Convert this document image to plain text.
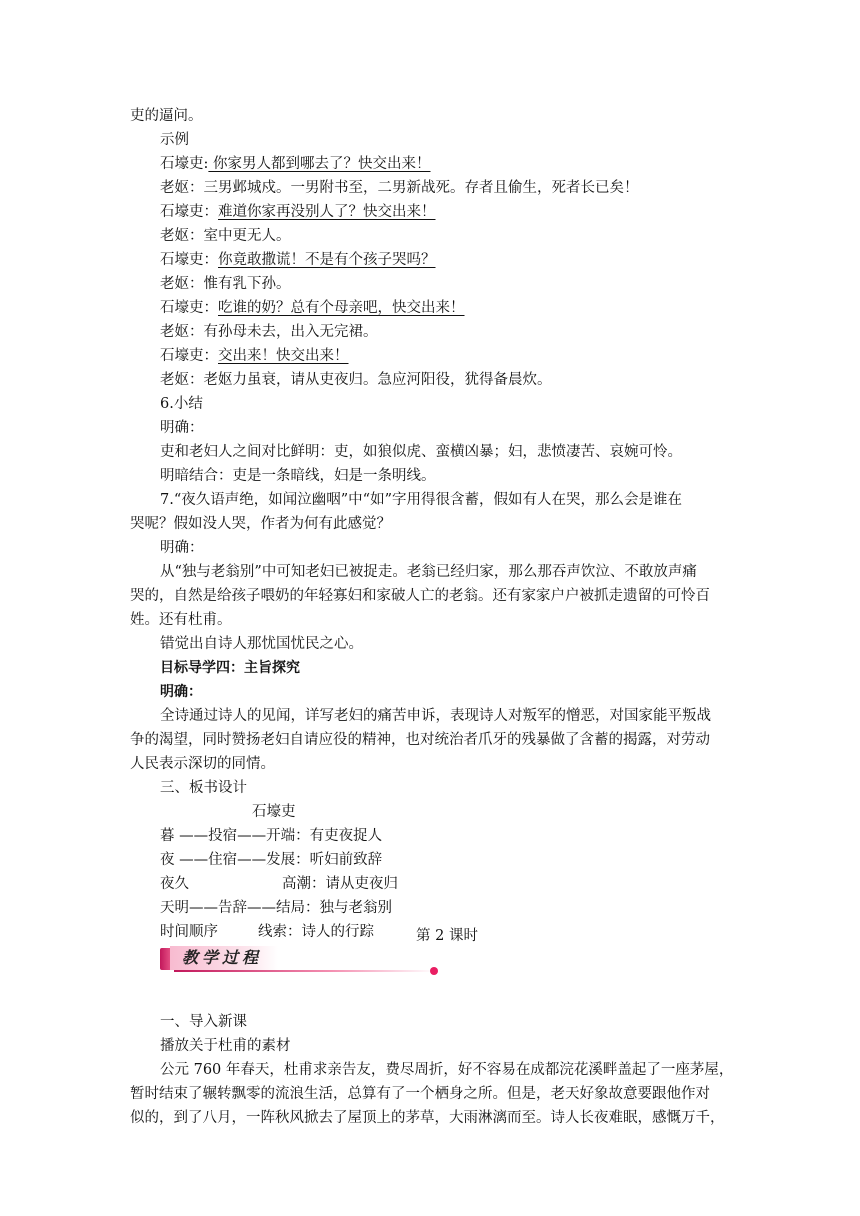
吏的逼问。
示例
石壕吏: 你家男人都到哪去了？快交出来！
老妪：三男邺城戍。一男附书至，二男新战死。存者且偷生，死者长已矣！
石壕吏：难道你家再没别人了？快交出来！
老妪：室中更无人。
石壕吏：你竟敢撒谎！不是有个孩子哭吗？
老妪：惟有乳下孙。
石壕吏：吃谁的奶？总有个母亲吧，快交出来！
老妪：有孙母未去，出入无完裙。
石壕吏：交出来！快交出来！
老妪：老妪力虽衰，请从吏夜归。急应河阳役，犹得备晨炊。
6.小结
明确：
吏和老妇人之间对比鲜明：吏，如狼似虎、蛮横凶暴；妇，悲愤凄苦、哀婉可怜。
明暗结合：吏是一条暗线，妇是一条明线。
7.“夜久语声绝，如闻泣幽咽”中“如”字用得很含蓄，假如有人在哭，那么会是谁在
哭呢？假如没人哭，作者为何有此感觉？
明确：
从“独与老翁别”中可知老妇已被捉走。老翁已经归家，那么那吞声饮泣、不敢放声痛
哭的，自然是给孩子喂奶的年轻寡妇和家破人亡的老翁。还有家家户户被抓走遗留的可怜百
姓。还有杜甫。
错觉出自诗人那忧国忧民之心。
目标导学四：主旨探究
明确：
全诗通过诗人的见闻，详写老妇的痛苦申诉，表现诗人对叛军的憎恶，对国家能平叛战
争的渴望，同时赞扬老妇自请应役的精神，也对统治者爪牙的残暴做了含蓄的揭露，对劳动
人民表示深切的同情。
三、板书设计
石壕吏
暮 ——投宿——开端：有吏夜捉人
夜 ——住宿——发展：听妇前致辞
夜久	高潮：请从吏夜归
天明——告辞——结局：独与老翁别
时间顺序	线索：诗人的行踪	第 2 课时
教学过程
一、导入新课
播放关于杜甫的素材
公元 760 年春天，杜甫求亲告友，费尽周折，好不容易在成都浣花溪畔盖起了一座茅屋，
暂时结束了辗转飘零的流浪生活，总算有了一个栖身之所。但是，老天好象故意要跟他作对
似的，到了八月，一阵秋风掀去了屋顶上的茅草，大雨淋漓而至。诗人长夜难眠，感慨万千，
